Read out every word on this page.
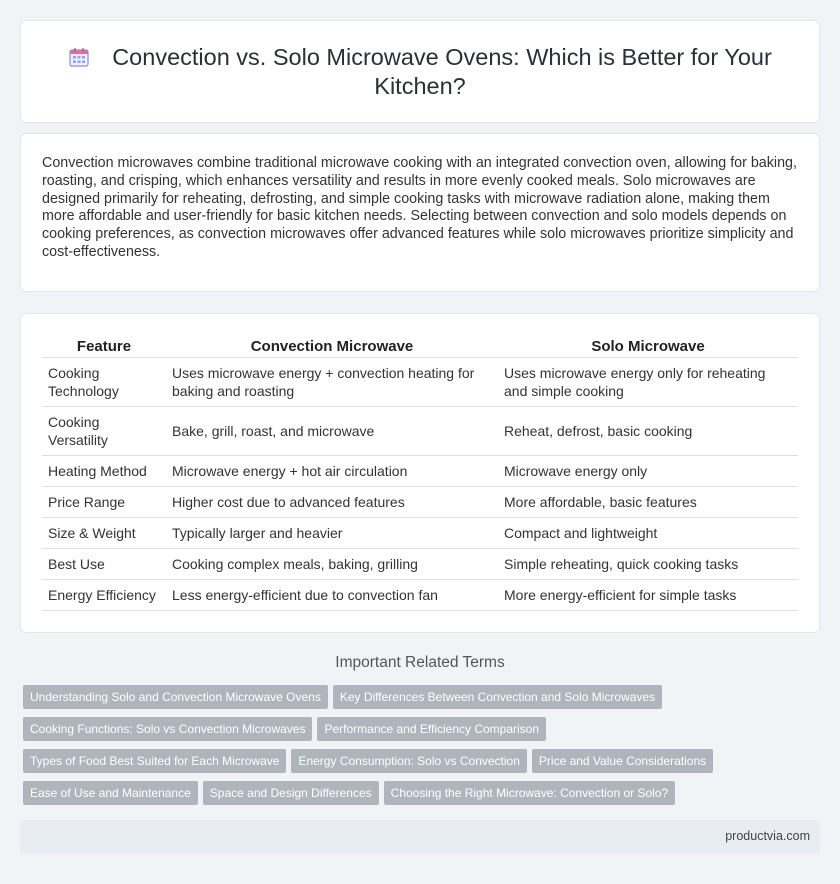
Convection vs. Solo Microwave Ovens: Which is Better for Your Kitchen?

Convection microwaves combine traditional microwave cooking with an integrated convection oven, allowing for baking, roasting, and crisping, which enhances versatility and results in more evenly cooked meals. Solo microwaves are designed primarily for reheating, defrosting, and simple cooking tasks with microwave radiation alone, making them more affordable and user-friendly for basic kitchen needs. Selecting between convection and solo models depends on cooking preferences, as convection microwaves offer advanced features while solo microwaves prioritize simplicity and cost-effectiveness.

Feature	Convection Microwave	Solo Microwave
Cooking Technology	Uses microwave energy + convection heating for baking and roasting	Uses microwave energy only for reheating and simple cooking
Cooking Versatility	Bake, grill, roast, and microwave	Reheat, defrost, basic cooking
Heating Method	Microwave energy + hot air circulation	Microwave energy only
Price Range	Higher cost due to advanced features	More affordable, basic features
Size & Weight	Typically larger and heavier	Compact and lightweight
Best Use	Cooking complex meals, baking, grilling	Simple reheating, quick cooking tasks
Energy Efficiency	Less energy-efficient due to convection fan	More energy-efficient for simple tasks
Important Related Terms
Understanding Solo and Convection Microwave Ovens Key Differences Between Convection and Solo Microwaves
Cooking Functions: Solo vs Convection Microwaves Performance and Efficiency Comparison
Types of Food Best Suited for Each Microwave Energy Consumption: Solo vs Convection Price and Value Considerations
Ease of Use and Maintenance Space and Design Differences Choosing the Right Microwave: Convection or Solo?
productvia.com
